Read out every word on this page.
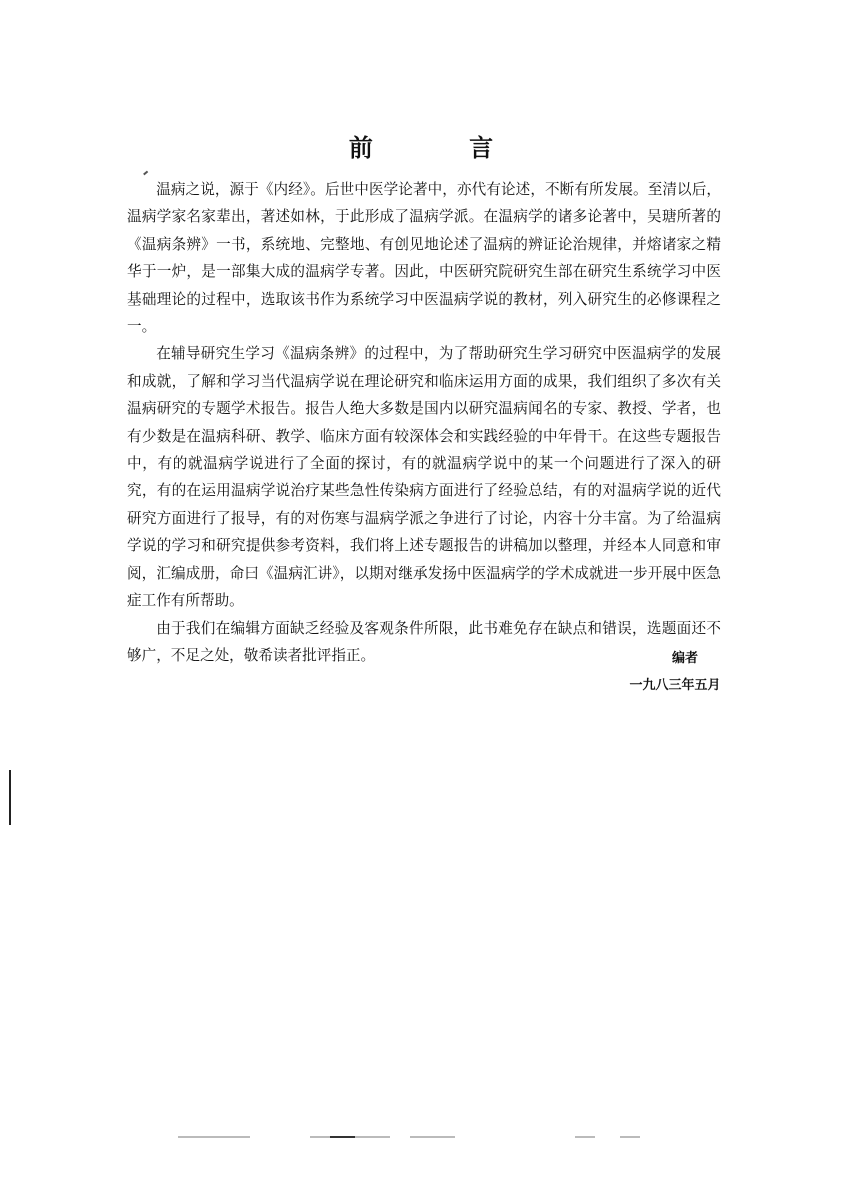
前 言

温病之说，源于《内经》。后世中医学论著中，亦代有论述，不断有所发展。至清以后，温病学家名家辈出，著述如林，于此形成了温病学派。在温病学的诸多论著中，吴瑭所著的《温病条辨》一书，系统地、完整地、有创见地论述了温病的辨证论治规律，并熔诸家之精华于一炉，是一部集大成的温病学专著。因此，中医研究院研究生部在研究生系统学习中医基础理论的过程中，选取该书作为系统学习中医温病学说的教材，列入研究生的必修课程之一。

在辅导研究生学习《温病条辨》的过程中，为了帮助研究生学习研究中医温病学的发展和成就，了解和学习当代温病学说在理论研究和临床运用方面的成果，我们组织了多次有关温病研究的专题学术报告。报告人绝大多数是国内以研究温病闻名的专家、教授、学者，也有少数是在温病科研、教学、临床方面有较深体会和实践经验的中年骨干。在这些专题报告中，有的就温病学说进行了全面的探讨，有的就温病学说中的某一个问题进行了深入的研究，有的在运用温病学说治疗某些急性传染病方面进行了经验总结，有的对温病学说的近代研究方面进行了报导，有的对伤寒与温病学派之争进行了讨论，内容十分丰富。为了给温病学说的学习和研究提供参考资料，我们将上述专题报告的讲稿加以整理，并经本人同意和审阅，汇编成册，命曰《温病汇讲》，以期对继承发扬中医温病学的学术成就进一步开展中医急症工作有所帮助。

由于我们在编辑方面缺乏经验及客观条件所限，此书难免存在缺点和错误，选题面还不够广，不足之处，敬希读者批评指正。	编者
一九八三年五月
